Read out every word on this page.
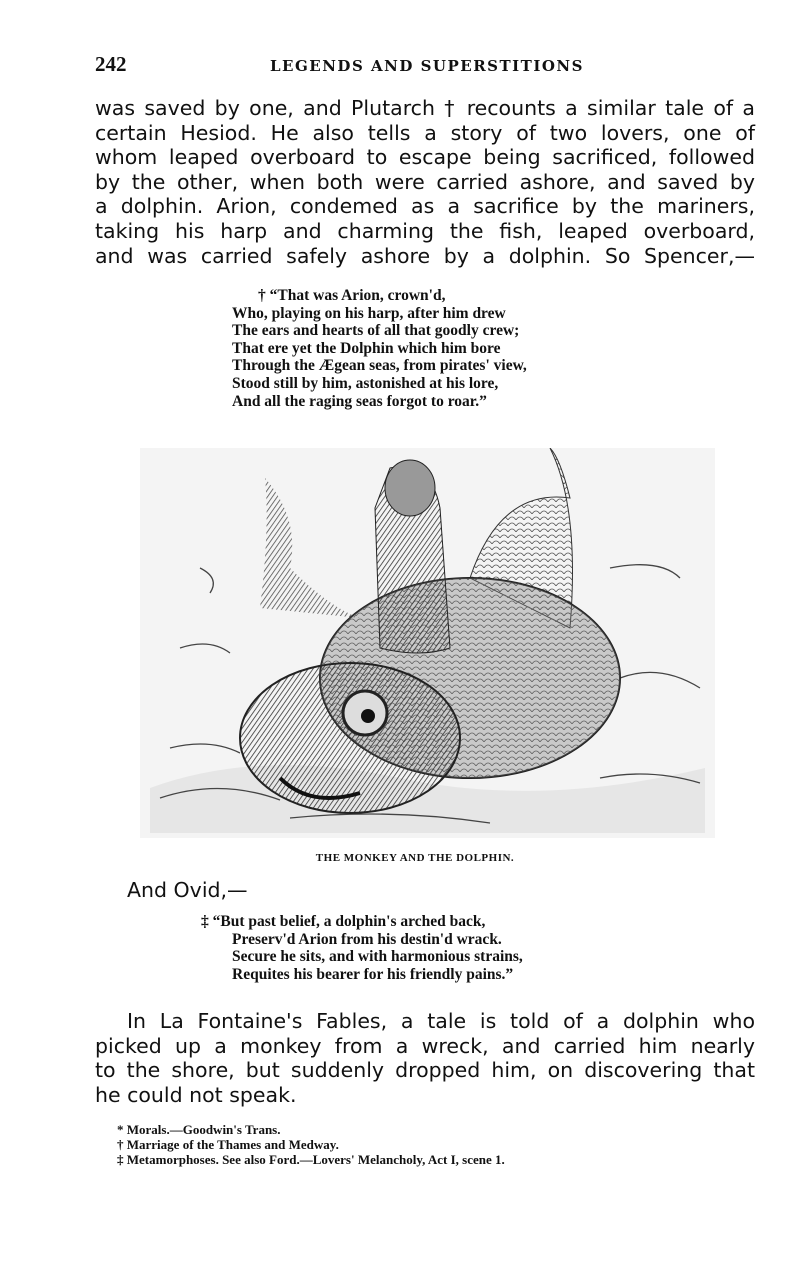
242	LEGENDS AND SUPERSTITIONS
was saved by one, and Plutarch † recounts a similar tale of a
certain Hesiod. He also tells a story of two lovers, one of
whom leaped overboard to escape being sacrificed, followed
by the other, when both were carried ashore, and saved by
a dolphin. Arion, condemed as a sacrifice by the mariners,
taking his harp and charming the fish, leaped overboard,
and was carried safely ashore by a dolphin. So Spencer,—
† “That was Arion, crown'd,
Who, playing on his harp, after him drew
The ears and hearts of all that goodly crew;
That ere yet the Dolphin which him bore
Through the Ægean seas, from pirates' view,
Stood still by him, astonished at his lore,
And all the raging seas forgot to roar.”
THE MONKEY AND THE DOLPHIN.
And Ovid,—
‡ “But past belief, a dolphin's arched back,
Preserv'd Arion from his destin'd wrack.
Secure he sits, and with harmonious strains,
Requites his bearer for his friendly pains.”
In La Fontaine's Fables, a tale is told of a dolphin who
picked up a monkey from a wreck, and carried him nearly
to the shore, but suddenly dropped him, on discovering that
he could not speak.
* Morals.—Goodwin's Trans.
† Marriage of the Thames and Medway.
‡ Metamorphoses. See also Ford.—Lovers' Melancholy, Act I, scene 1.
